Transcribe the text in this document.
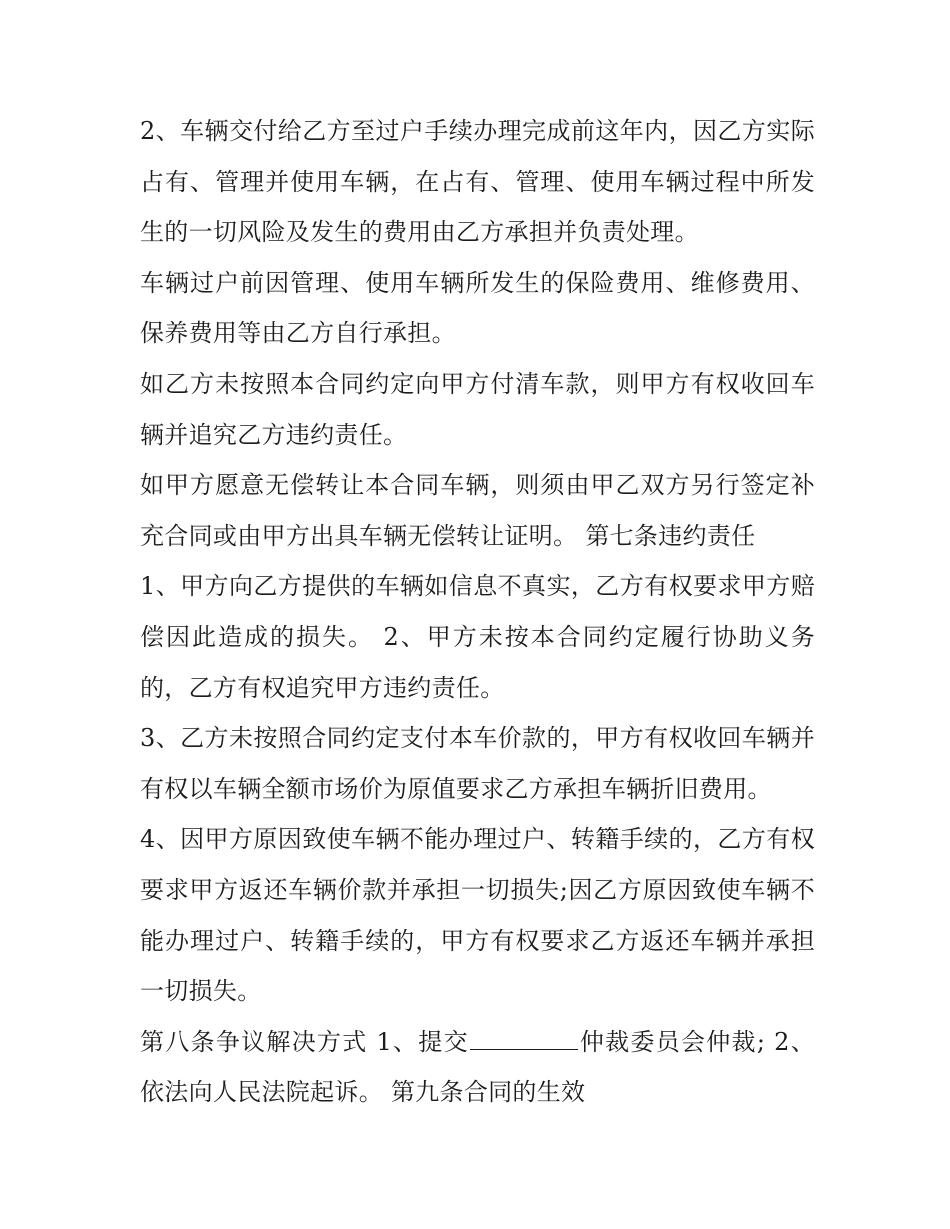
2、车辆交付给乙方至过户手续办理完成前这年内，因乙方实际占有、管理并使用车辆，在占有、管理、使用车辆过程中所发生的一切风险及发生的费用由乙方承担并负责处理。

车辆过户前因管理、使用车辆所发生的保险费用、维修费用、保养费用等由乙方自行承担。

如乙方未按照本合同约定向甲方付清车款，则甲方有权收回车辆并追究乙方违约责任。

如甲方愿意无偿转让本合同车辆，则须由甲乙双方另行签定补充合同或由甲方出具车辆无偿转让证明。 第七条违约责任

1、甲方向乙方提供的车辆如信息不真实，乙方有权要求甲方赔偿因此造成的损失。 2、甲方未按本合同约定履行协助义务的，乙方有权追究甲方违约责任。

3、乙方未按照合同约定支付本车价款的，甲方有权收回车辆并有权以车辆全额市场价为原值要求乙方承担车辆折旧费用。

4、因甲方原因致使车辆不能办理过户、转籍手续的，乙方有权要求甲方返还车辆价款并承担一切损失;因乙方原因致使车辆不能办理过户、转籍手续的，甲方有权要求乙方返还车辆并承担一切损失。

第八条争议解决方式 1、提交	仲裁委员会仲裁; 2、依法向人民法院起诉。 第九条合同的生效
